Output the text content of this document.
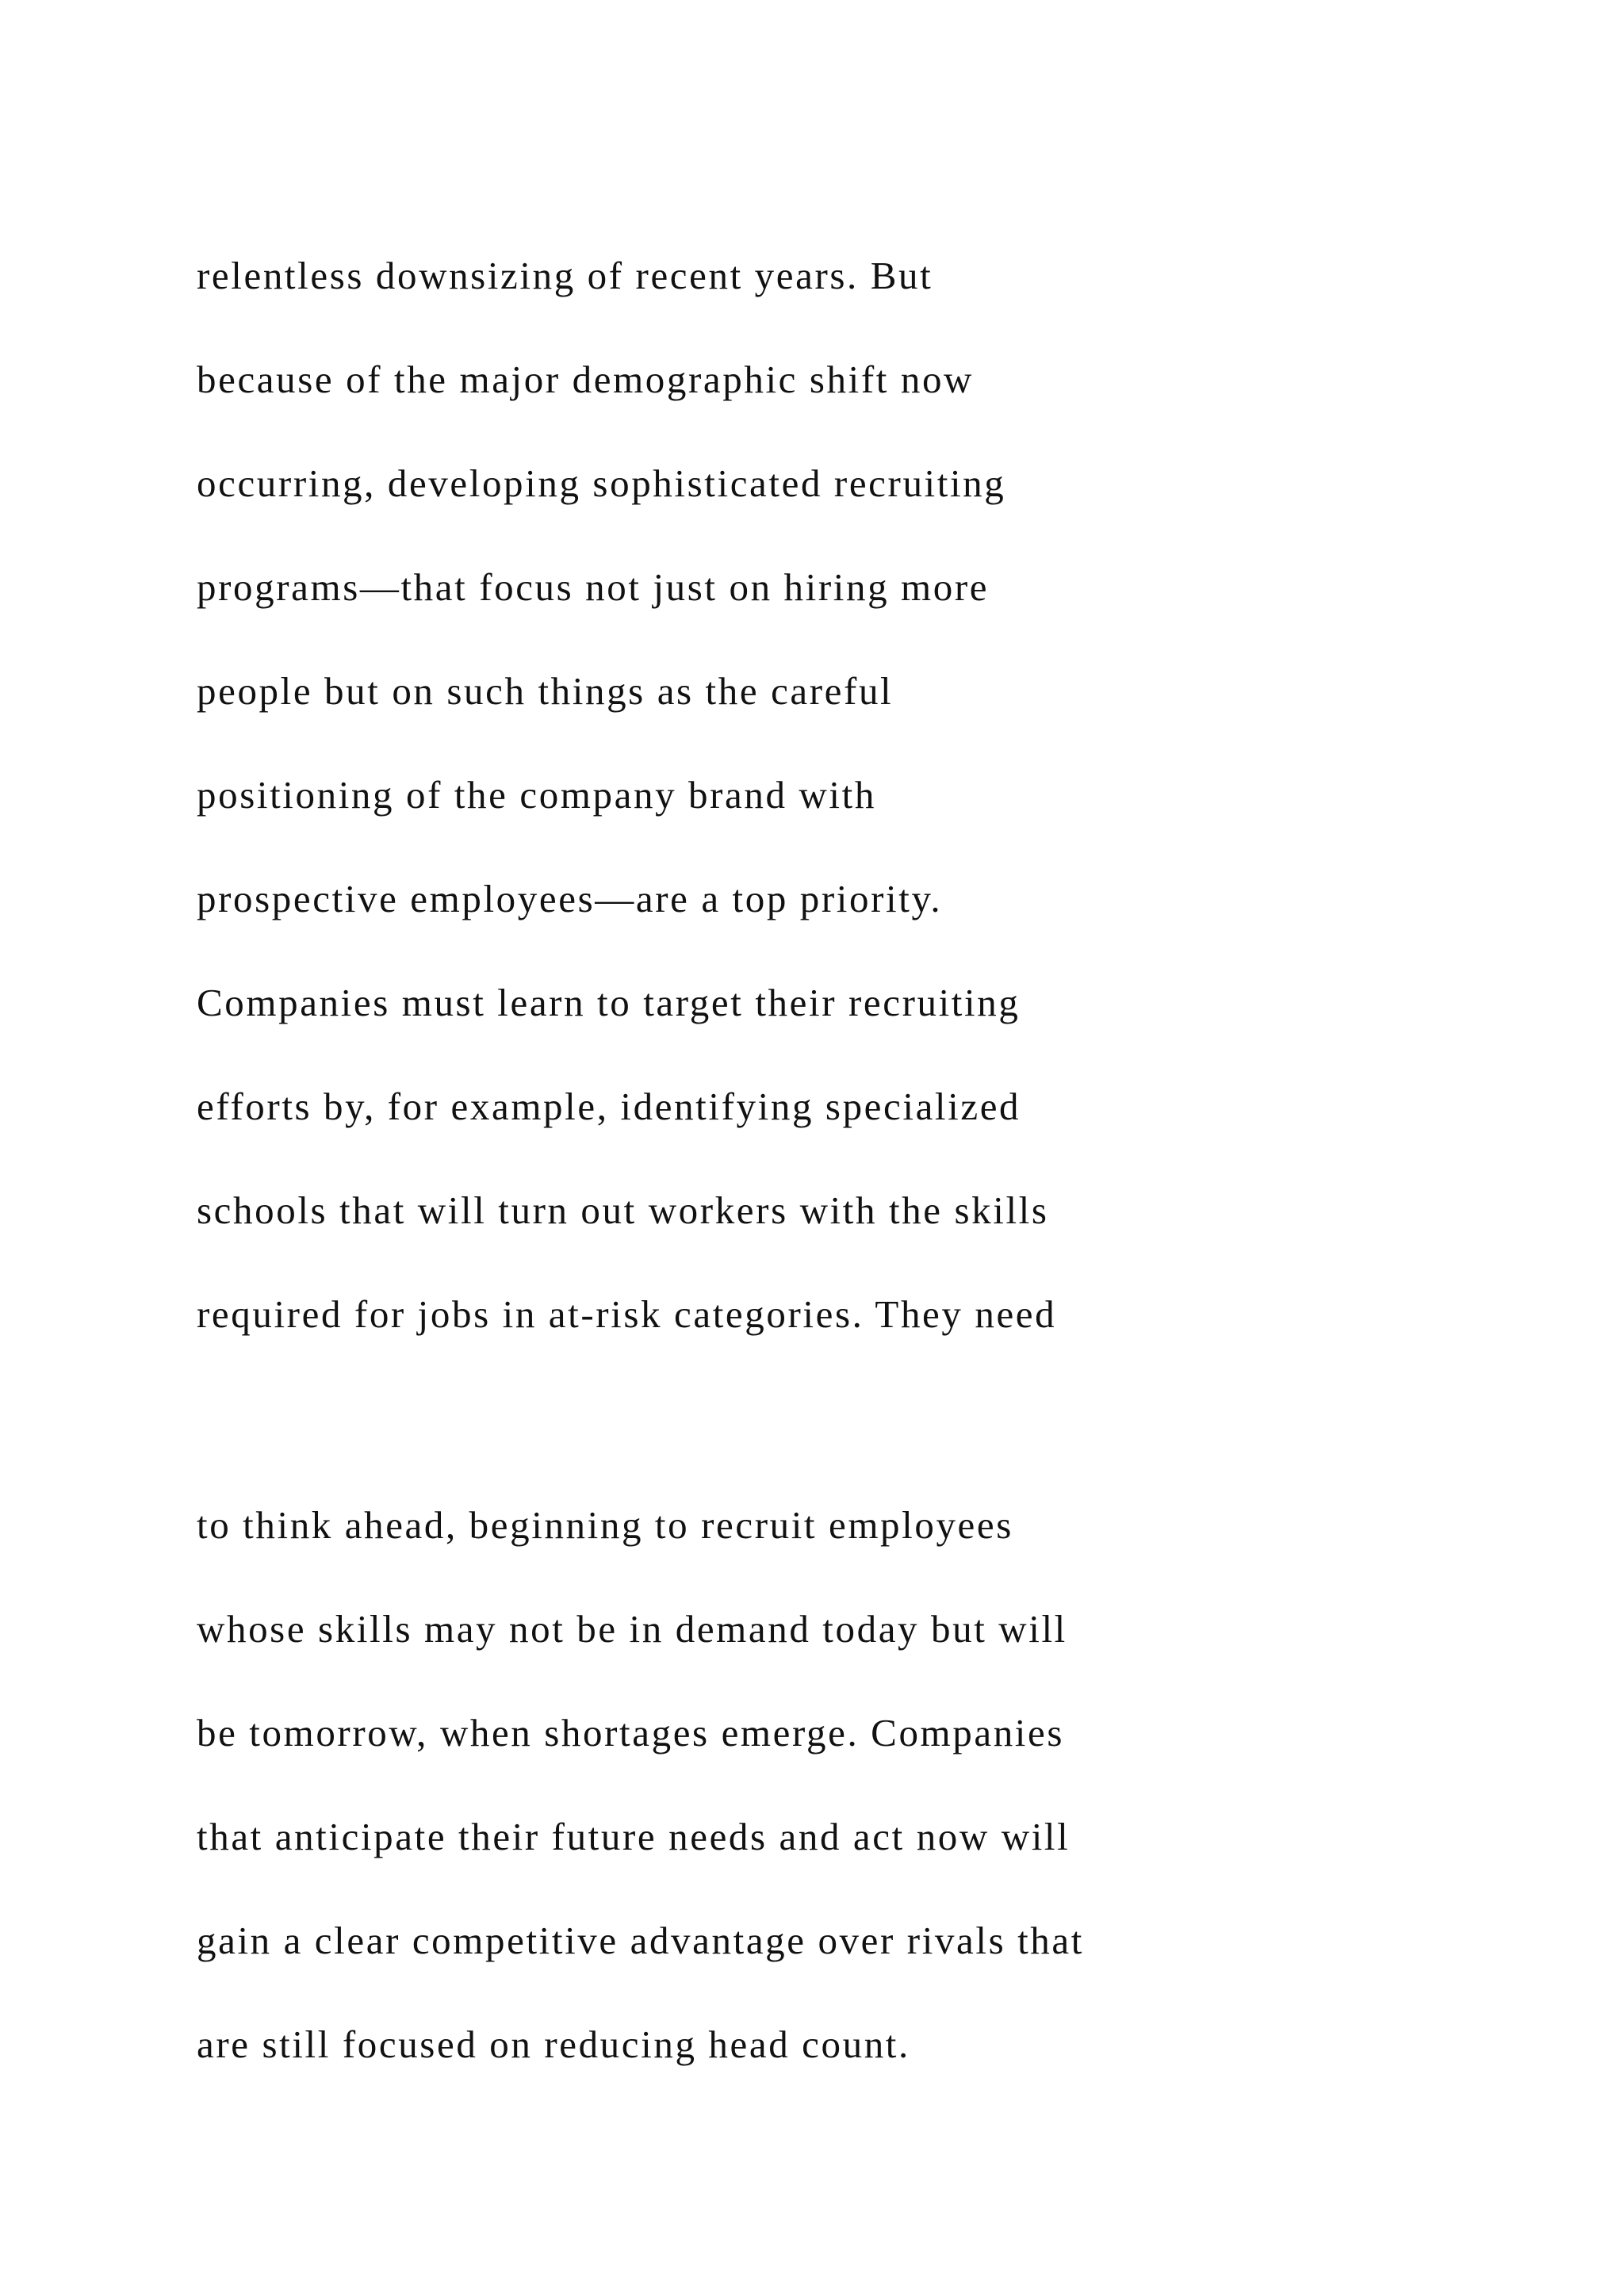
relentless downsizing of recent years. But
because of the major demographic shift now
occurring, developing sophisticated recruiting
programs—that focus not just on hiring more
people but on such things as the careful
positioning of the company brand with
prospective employees—are a top priority.
Companies must learn to target their recruiting
efforts by, for example, identifying specialized
schools that will turn out workers with the skills
required for jobs in at-risk categories. They need
to think ahead, beginning to recruit employees
whose skills may not be in demand today but will
be tomorrow, when shortages emerge. Companies
that anticipate their future needs and act now will
gain a clear competitive advantage over rivals that
are still focused on reducing head count.
